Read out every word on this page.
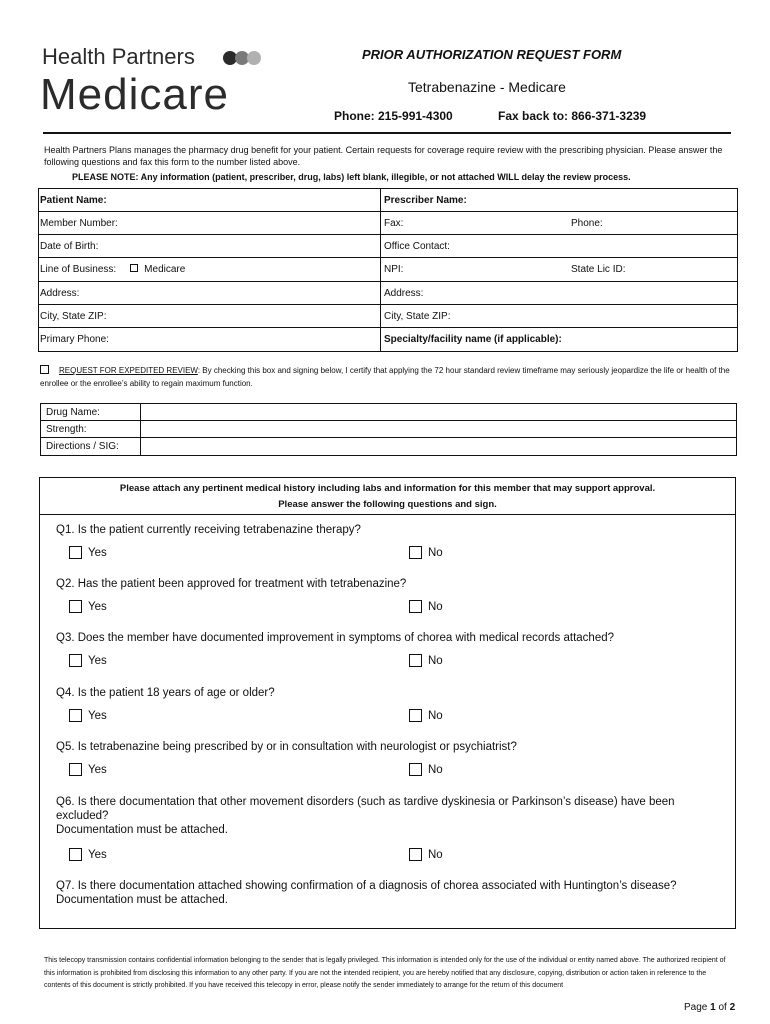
Health Partners
Medicare
PRIOR AUTHORIZATION REQUEST FORM
Tetrabenazine - Medicare
Phone: 215-991-4300	Fax back to: 866-371-3239
Health Partners Plans manages the pharmacy drug benefit for your patient. Certain requests for coverage require review with the prescribing physician. Please answer the following questions and fax this form to the number listed above.
PLEASE NOTE: Any information (patient, prescriber, drug, labs) left blank, illegible, or not attached WILL delay the review process.
Patient Name:	Prescriber Name:
Member Number:	Fax:	Phone:
Date of Birth:	Office Contact:
Line of Business:	Medicare	NPI:	State Lic ID:
Address:	Address:
City, State ZIP:	City, State ZIP:
Primary Phone:	Specialty/facility name (if applicable):
REQUEST FOR EXPEDITED REVIEW: By checking this box and signing below, I certify that applying the 72 hour standard review timeframe may seriously jeopardize the life or health of the enrollee or the enrollee’s ability to regain maximum function.
Drug Name:
Strength:
Directions / SIG:
Please attach any pertinent medical history including labs and information for this member that may support approval.
Please answer the following questions and sign.
Q1. Is the patient currently receiving tetrabenazine therapy?
Yes	No
Q2. Has the patient been approved for treatment with tetrabenazine?
Yes	No
Q3. Does the member have documented improvement in symptoms of chorea with medical records attached?
Yes	No
Q4. Is the patient 18 years of age or older?
Yes	No
Q5. Is tetrabenazine being prescribed by or in consultation with neurologist or psychiatrist?
Yes	No
Q6. Is there documentation that other movement disorders (such as tardive dyskinesia or Parkinson’s disease) have been excluded?
Documentation must be attached.
Yes	No
Q7. Is there documentation attached showing confirmation of a diagnosis of chorea associated with Huntington’s disease?
Documentation must be attached.
This telecopy transmission contains confidential information belonging to the sender that is legally privileged. This information is intended only for the use of the individual or entity named above. The authorized recipient of this information is prohibited from disclosing this information to any other party. If you are not the intended recipient, you are hereby notified that any disclosure, copying, distribution or action taken in reference to the contents of this document is strictly prohibited. If you have received this telecopy in error, please notify the sender immediately to arrange for the return of this document
Page 1 of 2
